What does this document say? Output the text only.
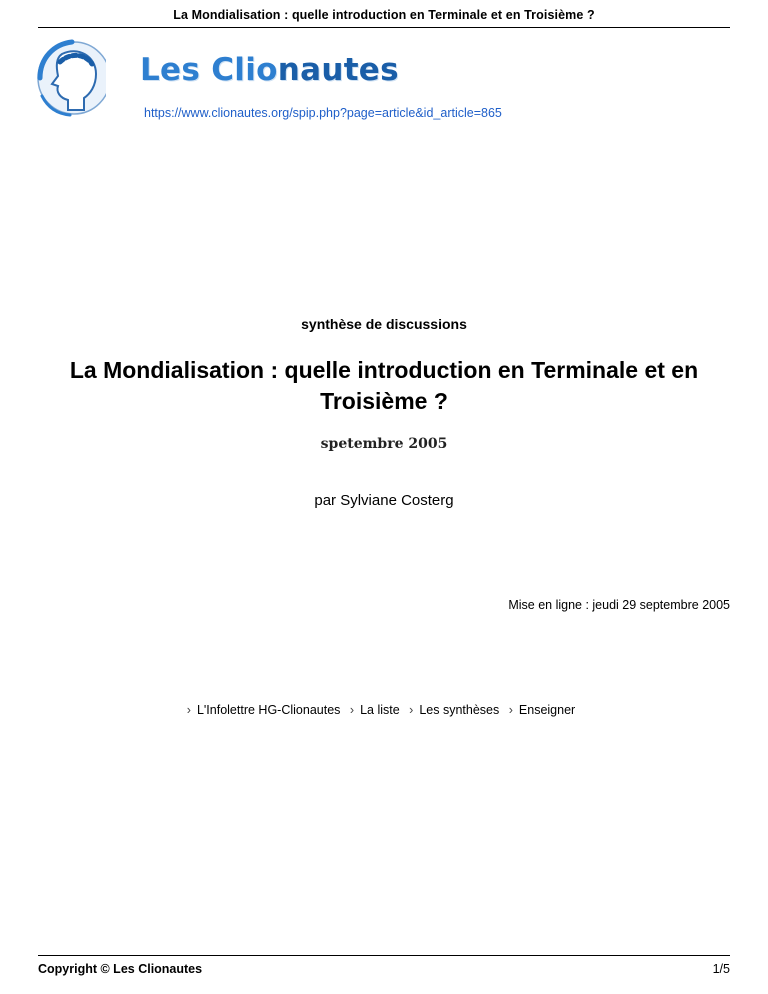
La Mondialisation : quelle introduction en Terminale et en Troisième ?
Les Clionautes
https://www.clionautes.org/spip.php?page=article&id_article=865
synthèse de discussions
La Mondialisation : quelle introduction en Terminale et en Troisième ?
spetembre 2005
par Sylviane Costerg
Mise en ligne : jeudi 29 septembre 2005
› L'Infolettre HG-Clionautes › La liste › Les synthèses › Enseigner
Copyright © Les Clionautes	1/5
